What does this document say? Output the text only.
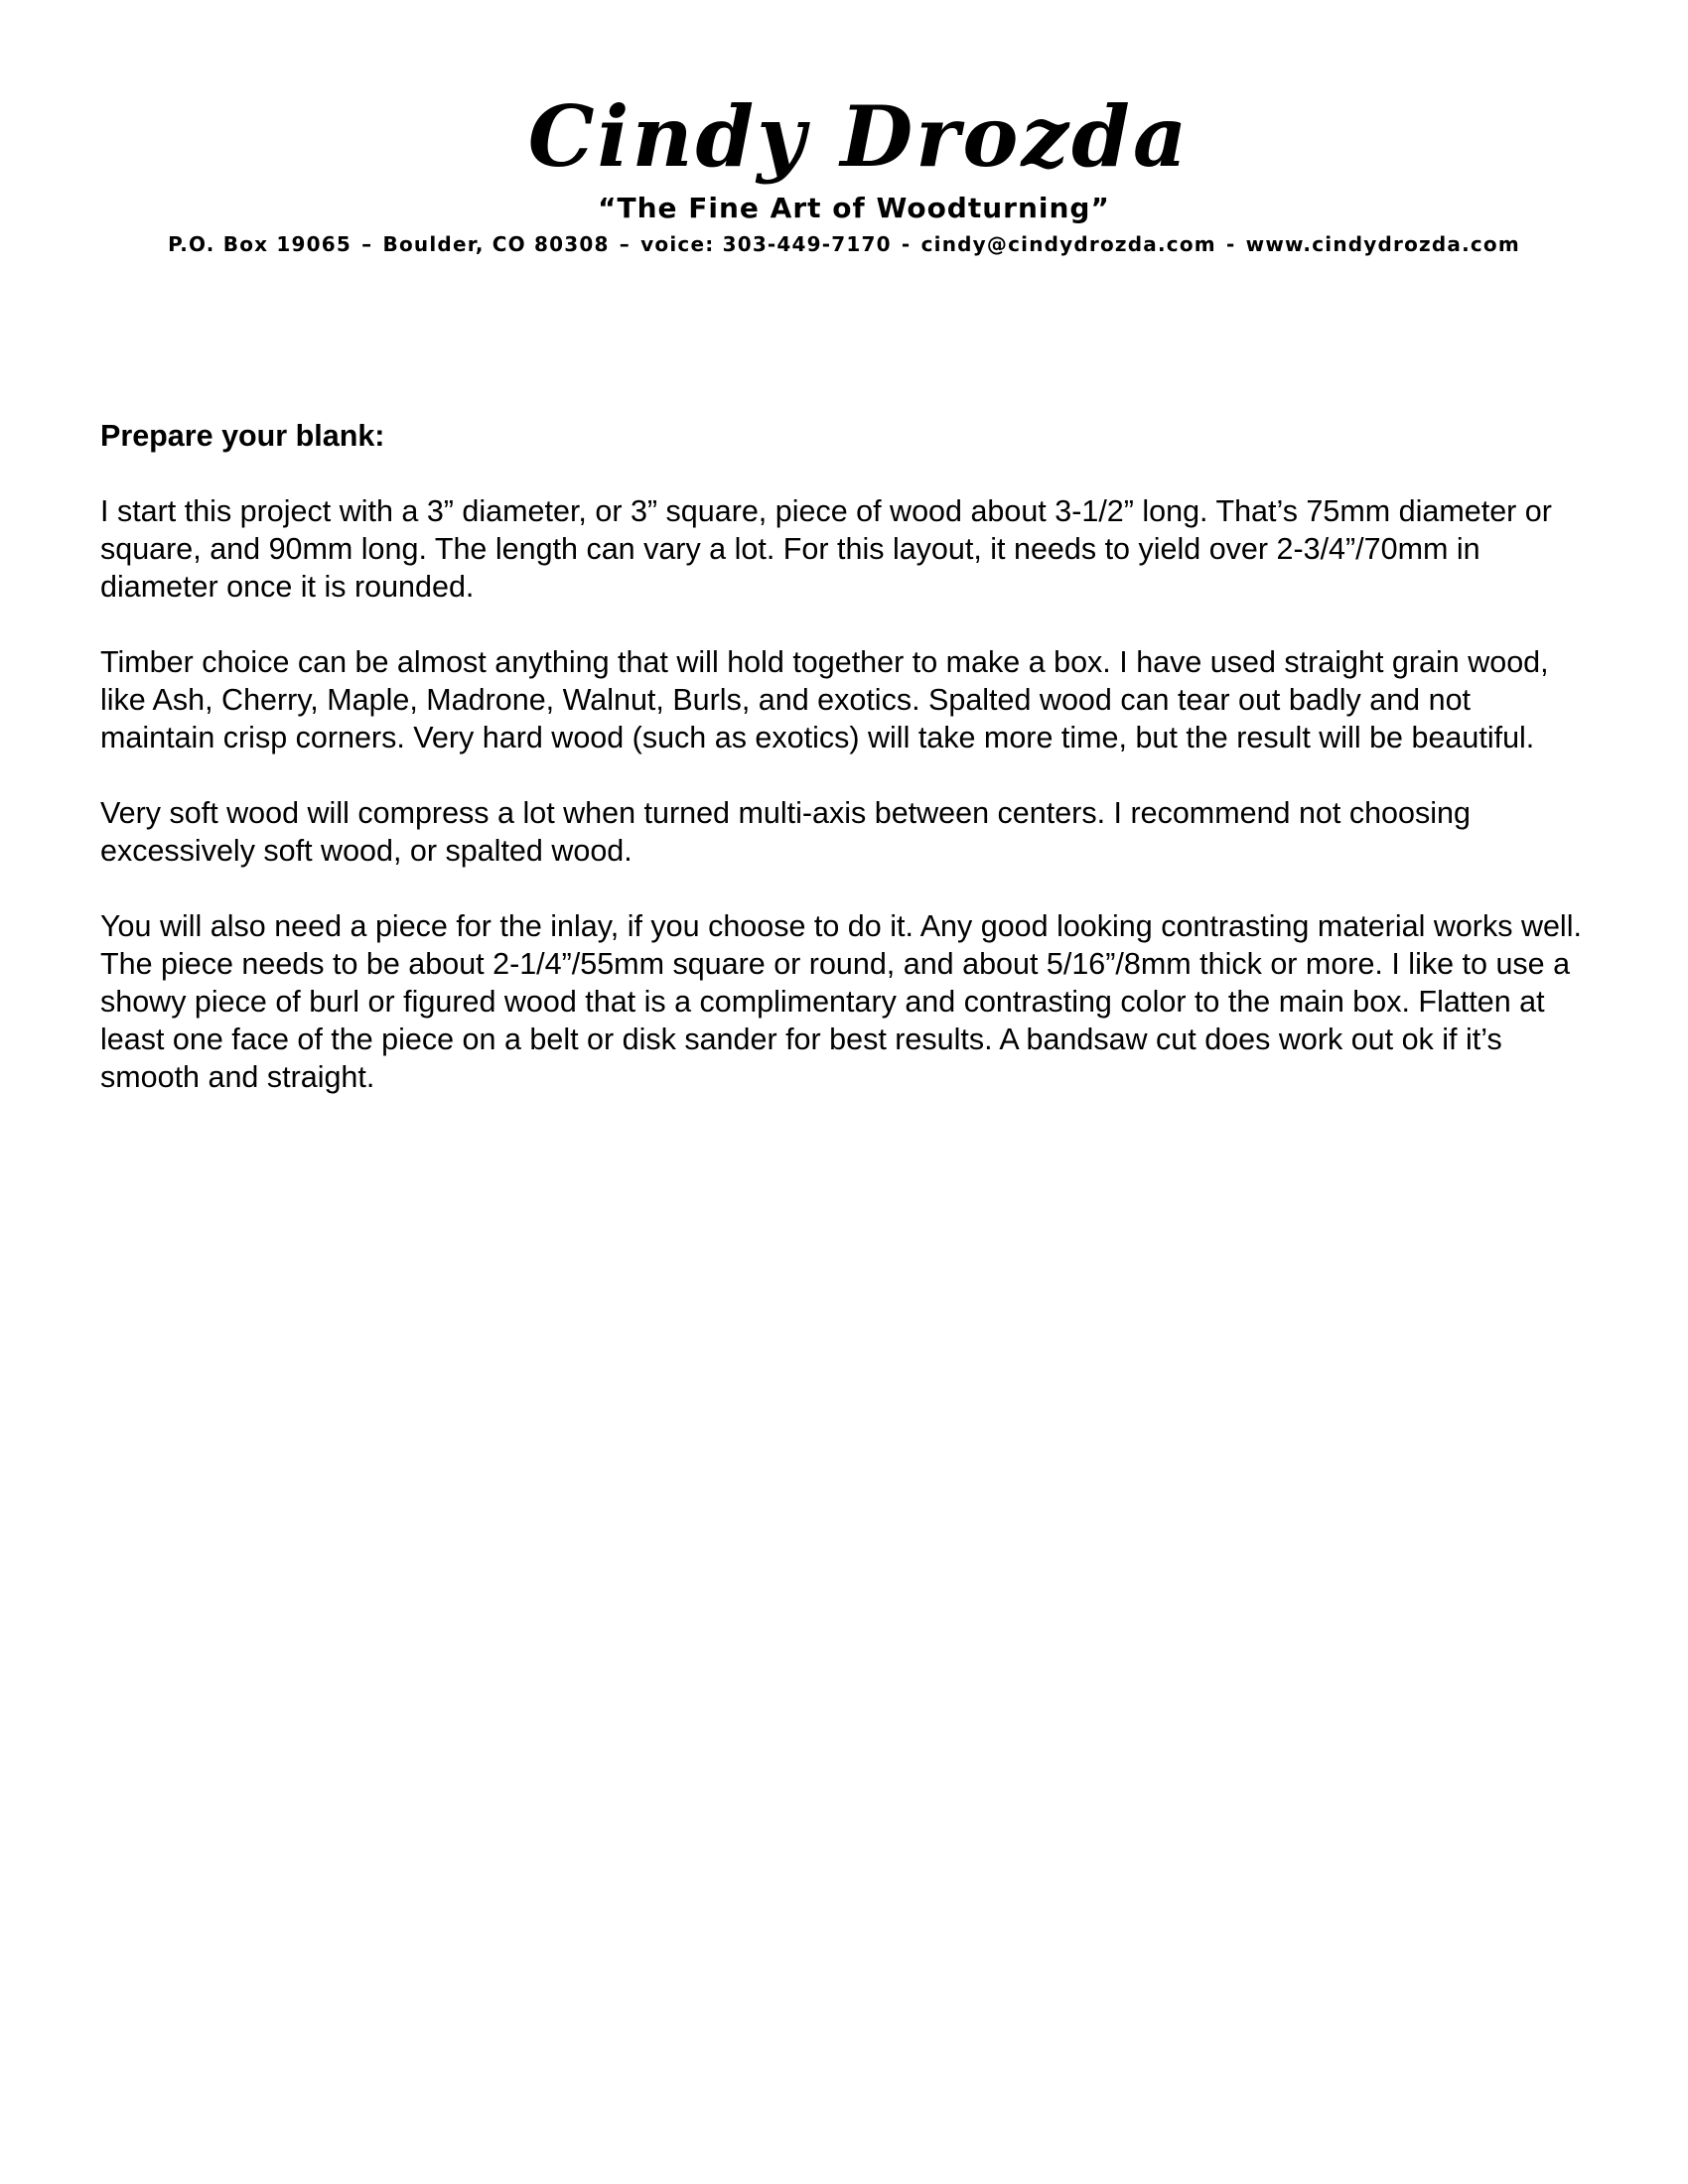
Cindy Drozda
“The Fine Art of Woodturning”
P.O. Box 19065 – Boulder, CO 80308 – voice: 303-449-7170 - cindy@cindydrozda.com - www.cindydrozda.com
Prepare your blank:

I start this project with a 3” diameter, or 3” square, piece of wood about 3-1/2” long. That’s 75mm diameter or square, and 90mm long. The length can vary a lot. For this layout, it needs to yield over 2-3/4”/70mm in diameter once it is rounded.

Timber choice can be almost anything that will hold together to make a box. I have used straight grain wood, like Ash, Cherry, Maple, Madrone, Walnut, Burls, and exotics. Spalted wood can tear out badly and not maintain crisp corners. Very hard wood (such as exotics) will take more time, but the result will be beautiful.

Very soft wood will compress a lot when turned multi-axis between centers. I recommend not choosing excessively soft wood, or spalted wood.

You will also need a piece for the inlay, if you choose to do it. Any good looking contrasting material works well. The piece needs to be about 2-1/4”/55mm square or round, and about 5/16”/8mm thick or more. I like to use a showy piece of burl or figured wood that is a complimentary and contrasting color to the main box. Flatten at least one face of the piece on a belt or disk sander for best results. A bandsaw cut does work out ok if it’s smooth and straight.
